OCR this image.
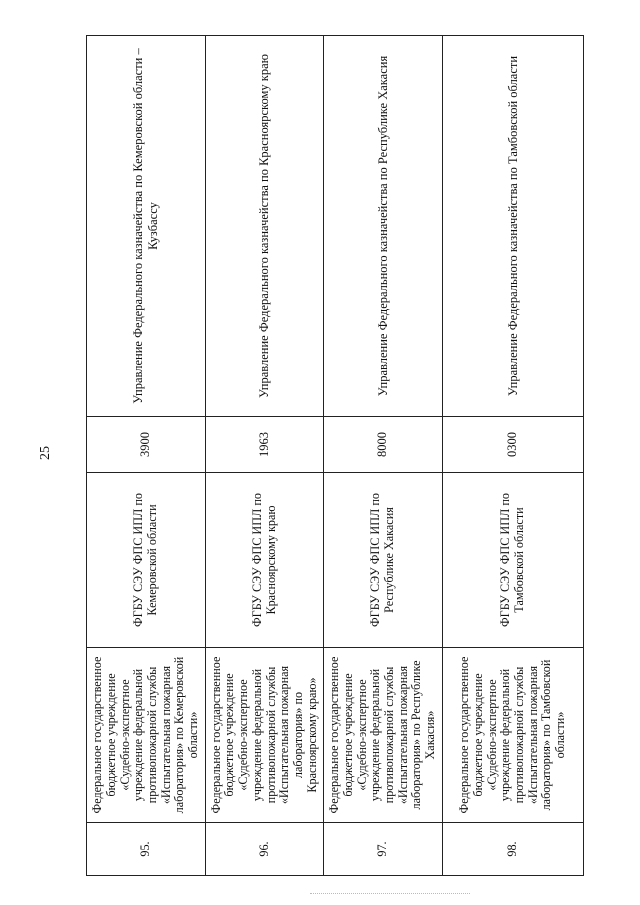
25
95.	Федеральное государственное бюджетное учреждение «Судебно-экспертное учреждение федеральной противопожарной службы «Испытательная пожарная лаборатория» по Кемеровской области»	ФГБУ СЭУ ФПС ИПЛ по Кемеровской области	3900	Управление Федерального казначейства по Кемеровской области – Кузбассу
96.	Федеральное государственное бюджетное учреждение «Судебно-экспертное учреждение федеральной противопожарной службы «Испытательная пожарная лаборатория» по Красноярскому краю»	ФГБУ СЭУ ФПС ИПЛ по Красноярскому краю	1963	Управление Федерального казначейства по Красноярскому краю
97.	Федеральное государственное бюджетное учреждение «Судебно-экспертное учреждение федеральной противопожарной службы «Испытательная пожарная лаборатория» по Республике Хакасия»	ФГБУ СЭУ ФПС ИПЛ по Республике Хакасия	8000	Управление Федерального казначейства по Республике Хакасия
98.	Федеральное государственное бюджетное учреждение «Судебно-экспертное учреждение федеральной противопожарной службы «Испытательная пожарная лаборатория» по Тамбовской области»	ФГБУ СЭУ ФПС ИПЛ по Тамбовской области	0300	Управление Федерального казначейства по Тамбовской области
